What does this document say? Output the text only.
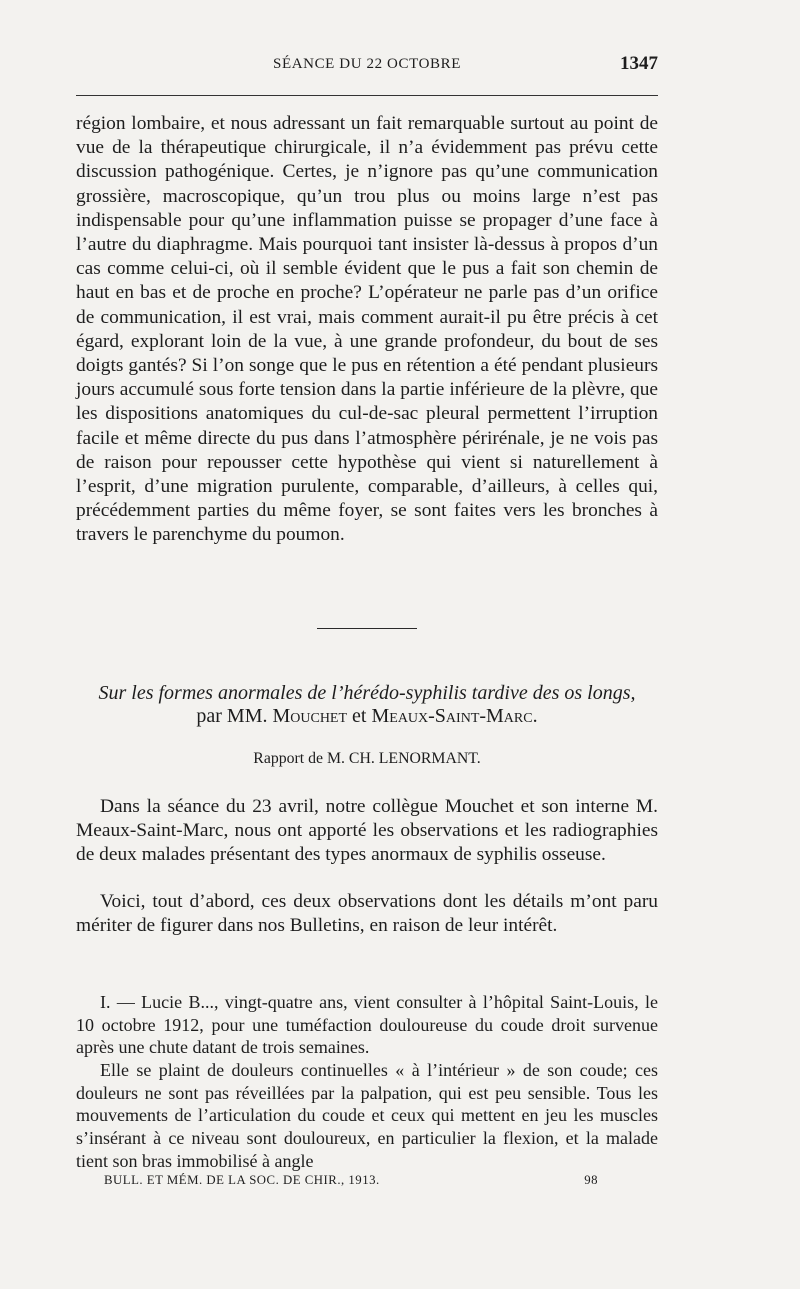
SÉANCE DU 22 OCTOBRE	1347

région lombaire, et nous adressant un fait remarquable surtout au point de vue de la thérapeutique chirurgicale, il n’a évidemment pas prévu cette discussion pathogénique. Certes, je n’ignore pas qu’une communication grossière, macroscopique, qu’un trou plus ou moins large n’est pas indispensable pour qu’une inflammation puisse se propager d’une face à l’autre du diaphragme. Mais pourquoi tant insister là-dessus à propos d’un cas comme celui-ci, où il semble évident que le pus a fait son chemin de haut en bas et de proche en proche? L’opérateur ne parle pas d’un orifice de communication, il est vrai, mais comment aurait-il pu être précis à cet égard, explorant loin de la vue, à une grande profondeur, du bout de ses doigts gantés? Si l’on songe que le pus en rétention a été pendant plusieurs jours accumulé sous forte tension dans la partie inférieure de la plèvre, que les dispositions anatomiques du cul-de-sac pleural permettent l’irruption facile et même directe du pus dans l’atmosphère périrénale, je ne vois pas de raison pour repousser cette hypothèse qui vient si naturellement à l’esprit, d’une migration purulente, comparable, d’ailleurs, à celles qui, précédemment parties du même foyer, se sont faites vers les bronches à travers le parenchyme du poumon.

Sur les formes anormales de l’hérédo-syphilis tardive des os longs,
par MM. Mouchet et Meaux-Saint-Marc.
Rapport de M. CH. LENORMANT.

Dans la séance du 23 avril, notre collègue Mouchet et son interne M. Meaux-Saint-Marc, nous ont apporté les observations et les radiographies de deux malades présentant des types anormaux de syphilis osseuse.

Voici, tout d’abord, ces deux observations dont les détails m’ont paru mériter de figurer dans nos Bulletins, en raison de leur intérêt.

I. — Lucie B..., vingt-quatre ans, vient consulter à l’hôpital Saint-Louis, le 10 octobre 1912, pour une tuméfaction douloureuse du coude droit survenue après une chute datant de trois semaines.

Elle se plaint de douleurs continuelles « à l’intérieur » de son coude; ces douleurs ne sont pas réveillées par la palpation, qui est peu sensible. Tous les mouvements de l’articulation du coude et ceux qui mettent en jeu les muscles s’insérant à ce niveau sont douloureux, en particulier la flexion, et la malade tient son bras immobilisé à angle

BULL. ET MÉM. DE LA SOC. DE CHIR., 1913.	98
